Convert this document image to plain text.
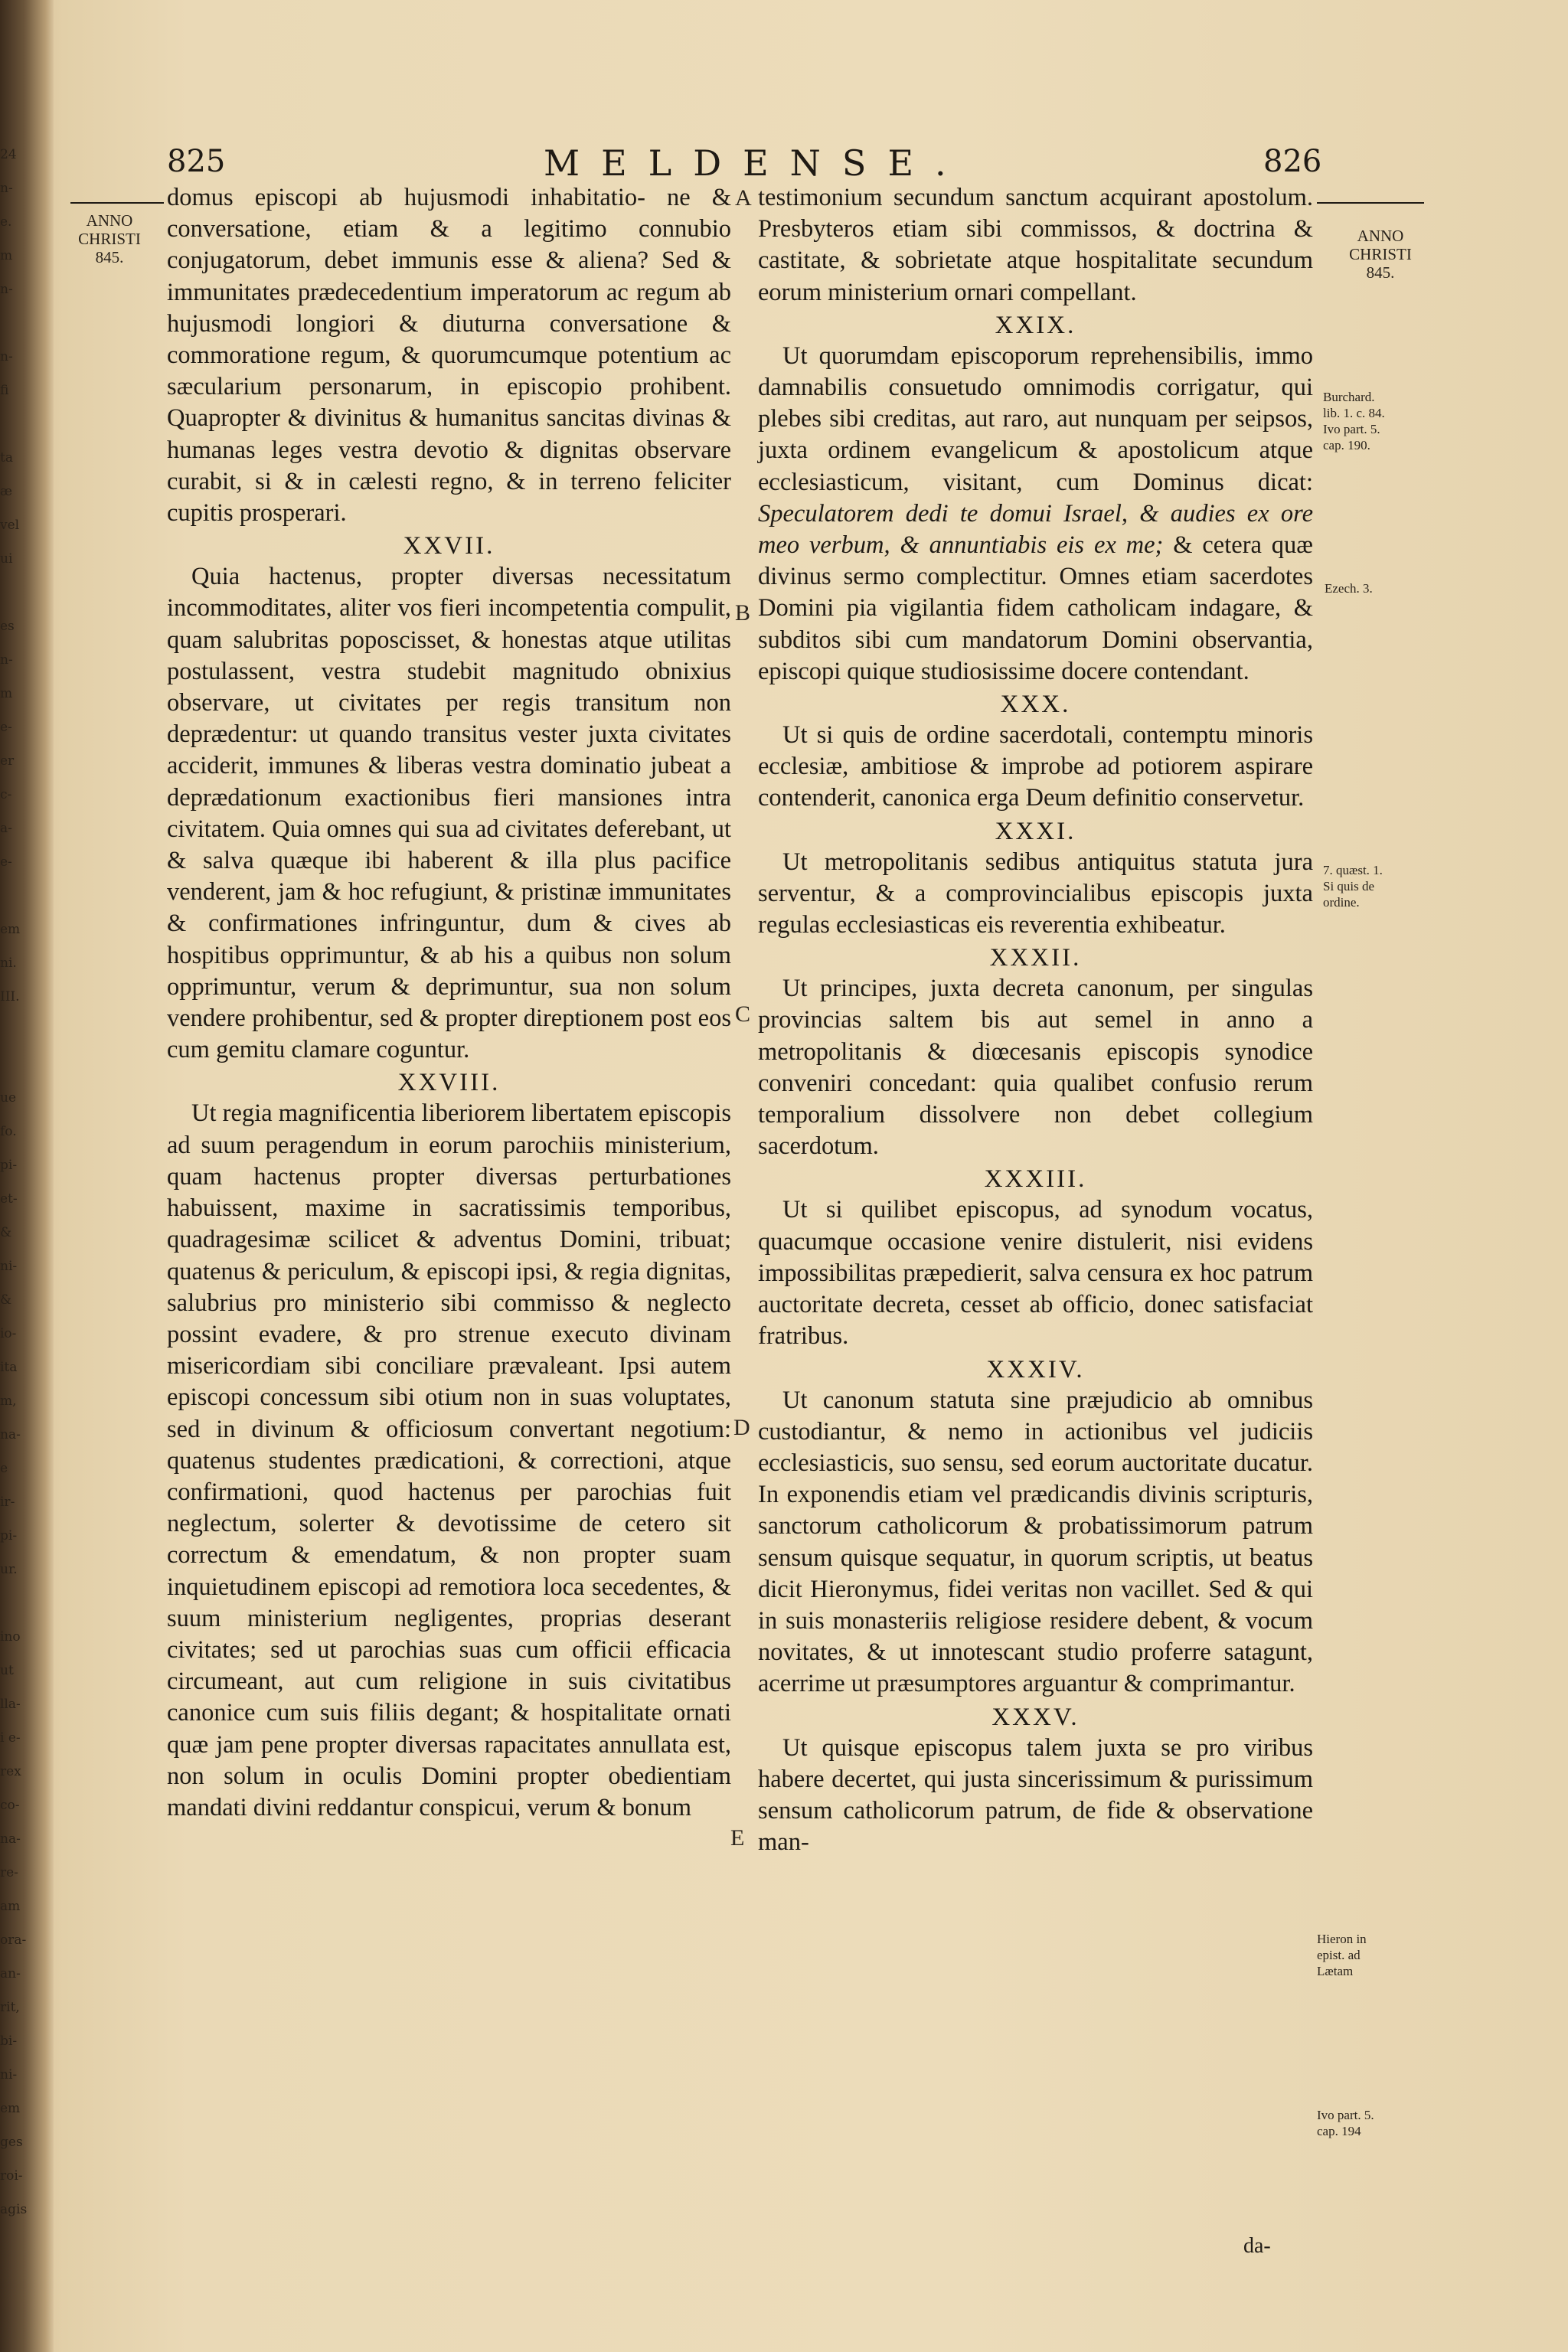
24
n-
e.
m
n-

n-
fi

ta
æ
vel
ui

es
n-
m
e-
er
c-
a-
e-

em
ni.
III.

ue
fo.
pi-
et-
&
ni-
&
io-
ita
m,
na-
e
ir-
pi-
ur.

ino
ut
lla-
i e-
rex
co-
na-
re-
am
ora-
an-
rit,
bi-
ni-
em
ges
roi-
agis
825	MELDENSE.	826
ANNO
CHRISTI
845.
ANNO
CHRISTI
845.
Burchard.
lib. 1. c. 84.
Ivo part. 5.
cap. 190.
Ezech. 3.
7. quæst. 1.
Si quis de
ordine.
Hieron in
epist. ad
Lætam
Ivo part. 5.
cap. 194
A
B
C
D
E

domus episcopi ab hujusmodi inhabitatio- ne & conversatione, etiam & a legitimo connubio conjugatorum, debet immunis esse & aliena? Sed & immunitates prædecedentium imperatorum ac regum ab hujusmodi longiori & diuturna conversatione & commoratione regum, & quorumcumque potentium ac sæcularium personarum, in episcopio prohibent. Quapropter & divinitus & humanitus sancitas divinas & humanas leges vestra devotio & dignitas observare curabit, si & in cælesti regno, & in terreno feliciter cupitis prosperari.

XXVII.

Quia hactenus, propter diversas necessitatum incommoditates, aliter vos fieri incompetentia compulit, quam salubritas poposcisset, & honestas atque utilitas postulassent, vestra studebit magnitudo obnixius observare, ut civitates per regis transitum non deprædentur: ut quando transitus vester juxta civitates acciderit, immunes & liberas vestra dominatio jubeat a deprædationum exactionibus fieri mansiones intra civitatem. Quia omnes qui sua ad civitates deferebant, ut & salva quæque ibi haberent & illa plus pacifice venderent, jam & hoc refugiunt, & pristinæ immunitates & confirmationes infringuntur, dum & cives ab hospitibus opprimuntur, & ab his a quibus non solum opprimuntur, verum & deprimuntur, sua non solum vendere prohibentur, sed & propter direptionem post eos cum gemitu clamare coguntur.

XXVIII.

Ut regia magnificentia liberiorem libertatem episcopis ad suum peragendum in eorum parochiis ministerium, quam hactenus propter diversas perturbationes habuissent, maxime in sacratissimis temporibus, quadragesimæ scilicet & adventus Domini, tribuat; quatenus & periculum, & episcopi ipsi, & regia dignitas, salubrius pro ministerio sibi commisso & neglecto possint evadere, & pro strenue executo divinam misericordiam sibi conciliare prævaleant. Ipsi autem episcopi concessum sibi otium non in suas voluptates, sed in divinum & officiosum convertant negotium: quatenus studentes prædicationi, & correctioni, atque confirmationi, quod hactenus per parochias fuit neglectum, solerter & devotissime de cetero sit correctum & emendatum, & non propter suam inquietudinem episcopi ad remotiora loca secedentes, & suum ministerium negligentes, proprias deserant civitates; sed ut parochias suas cum officii efficacia circumeant, aut cum religione in suis civitatibus canonice cum suis filiis degant; & hospitalitate ornati quæ jam pene propter diversas rapacitates annullata est, non solum in oculis Domini propter obedientiam mandati divini reddantur conspicui, verum & bonum

testimonium secundum sanctum acquirant apostolum. Presbyteros etiam sibi commissos, & doctrina & castitate, & sobrietate atque hospitalitate secundum eorum ministerium ornari compellant.

XXIX.

Ut quorumdam episcoporum reprehensibilis, immo damnabilis consuetudo omnimodis corrigatur, qui plebes sibi creditas, aut raro, aut nunquam per seipsos, juxta ordinem evangelicum & apostolicum atque ecclesiasticum, visitant, cum Dominus dicat: Speculatorem dedi te domui Israel, & audies ex ore meo verbum, & annuntiabis eis ex me; & cetera quæ divinus sermo complectitur. Omnes etiam sacerdotes Domini pia vigilantia fidem catholicam indagare, & subditos sibi cum mandatorum Domini observantia, episcopi quique studiosissime docere contendant.

XXX.

Ut si quis de ordine sacerdotali, contemptu minoris ecclesiæ, ambitiose & improbe ad potiorem aspirare contenderit, canonica erga Deum definitio conservetur.

XXXI.

Ut metropolitanis sedibus antiquitus statuta jura serventur, & a comprovincialibus episcopis juxta regulas ecclesiasticas eis reverentia exhibeatur.

XXXII.

Ut principes, juxta decreta canonum, per singulas provincias saltem bis aut semel in anno a metropolitanis & diœcesanis episcopis synodice conveniri concedant: quia qualibet confusio rerum temporalium dissolvere non debet collegium sacerdotum.

XXXIII.

Ut si quilibet episcopus, ad synodum vocatus, quacumque occasione venire distulerit, nisi evidens impossibilitas præpedierit, salva censura ex hoc patrum auctoritate decreta, cesset ab officio, donec satisfaciat fratribus.

XXXIV.

Ut canonum statuta sine præjudicio ab omnibus custodiantur, & nemo in actionibus vel judiciis ecclesiasticis, suo sensu, sed eorum auctoritate ducatur. In exponendis etiam vel prædicandis divinis scripturis, sanctorum catholicorum & probatissimorum patrum sensum quisque sequatur, in quorum scriptis, ut beatus dicit Hieronymus, fidei veritas non vacillet. Sed & qui in suis monasteriis religiose residere debent, & vocum novitates, & ut innotescant studio proferre satagunt, acerrime ut præsumptores arguantur & comprimantur.

XXXV.

Ut quisque episcopus talem juxta se pro viribus habere decertet, qui justa sincerissimum & purissimum sensum catholicorum patrum, de fide & observatione man-

da-
